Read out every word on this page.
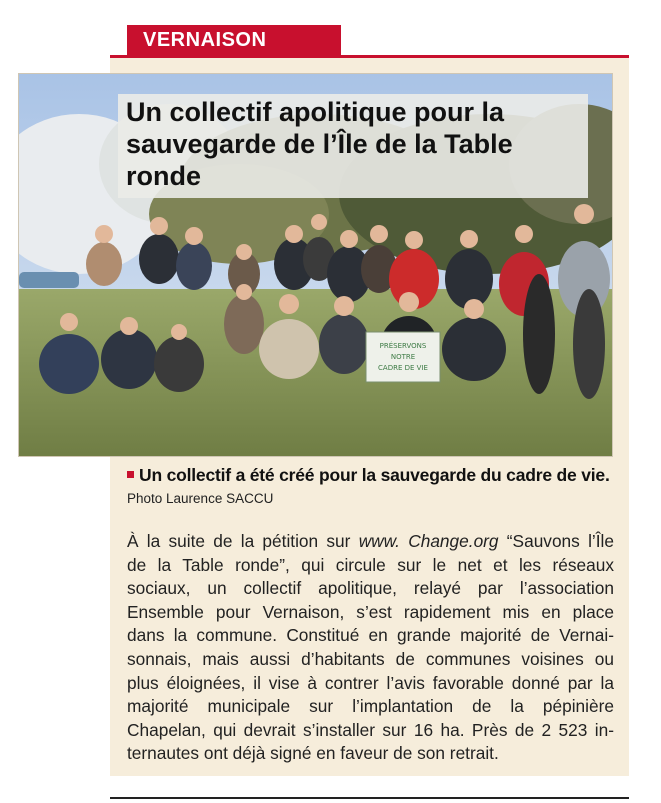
VERNAISON
PRÉSERVONS
NOTRE
CADRE DE VIE
Un collectif apolitique pour la sauvegarde de l’Île de la Table ronde
Un collectif a été créé pour la sauvegarde du cadre de vie.
Photo Laurence SACCU
À la suite de la pétition sur www. Change.org “Sauvons l’Île
de la Table ronde”, qui circule sur le net et les réseaux
sociaux, un collectif apolitique, relayé par l’association
Ensemble pour Vernaison, s’est rapidement mis en place
dans la commune. Constitué en grande majorité de Vernai-
sonnais, mais aussi d’habitants de communes voisines ou
plus éloignées, il vise à contrer l’avis favorable donné par la
majorité municipale sur l’implantation de la pépinière
Chapelan, qui devrait s’installer sur 16 ha. Près de 2 523 in-
ternautes ont déjà signé en faveur de son retrait.
